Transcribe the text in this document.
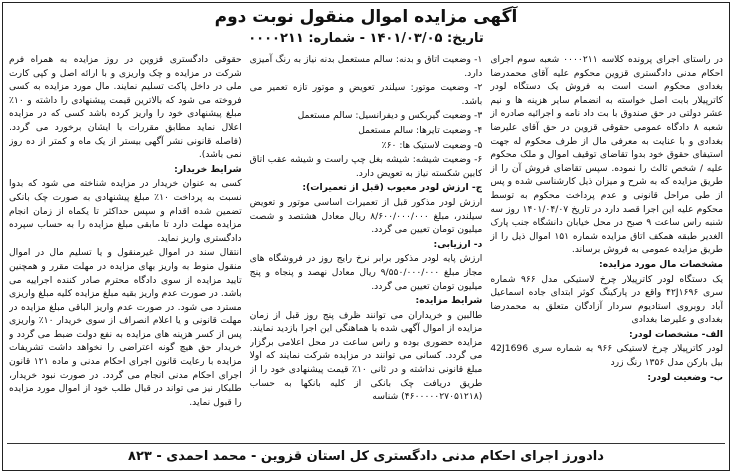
آگهی مزایده اموال منقول نوبت دوم
تاریخ: ۱۴۰۱/۰۳/۰۵ - شماره: ۰۰۰۰۲۱۱

در راستای اجرای پرونده کلاسه ۰۰۰۰۲۱۱ شعبه سوم اجرای احکام مدنی دادگستری قزوین محکوم علیه آقای محمدرضا بغدادی محکوم است است به فروش یک دستگاه لودر کاترپیلار بابت اصل خواسته به انضمام سایر هزینه ها و نیم عشر دولتی در حق صندوق با بت داد نامه و اجرائیه صادره از شعبه ۸ دادگاه عمومی حقوقی قزوین در حق آقای علیرضا بغدادی و با عنایت به معرفی مال از طرف محکوم له جهت استیفای حقوق خود بدوا تقاضای توقیف اموال و ملک محکوم علیه / شخص ثالث را نموده. سپس تقاضای فروش آن را از طریق مزایده که به شرح و میزان ذیل کارشناسی شده و پس از طی مراحل قانونی و عدم پرداخت محکوم به توسط محکوم علیه این اجرا قصد دارد در تاریخ ۱۴۰۱/۰۴/۰۷ روز سه شنبه راس ساعت ۹ صبح در محل خیابان دانشگاه جنب پارک الغدیر طبقه همکف اتاق مزایده شماره ۱۵۱ اموال ذیل را از طریق مزایده عمومی به فروش برساند.

مشخصات مال مورد مزایده:

یک دستگاه لودر کاترپیلار چرخ لاستیکی مدل ۹۶۶ شماره سری ۴۲J۱۶۹۶ واقع در پارکینگ کوثر ابتدای جاده اسماعیل آباد روبروی استادیوم سردار آزادگان متعلق به محمدرضا بغدادی و علیرضا بغدادی

الف- مشخصات لودر:

لودر کاترپیلار چرخ لاستیکی ۹۶۶ به شماره سری 42J1696 بیل بارکن مدل ۱۳۵۶ رنگ زرد

ب- وضعیت لودر:

۱- وضعیت اتاق و بدنه: سالم مستعمل بدنه نیاز به رنگ آمیزی دارد.

۲- وضعیت موتور: سیلندر تعویض و موتور تازه تعمیر می باشد.

۳- وضعیت گیربکس و دیفرانسیل: سالم مستعمل

۴- وضعیت تایرها: سالم مستعمل

۵- وضعیت لاستیک ها: ۶۰٪

۶- وضعیت شیشه: شیشه بغل چپ راست و شیشه عقب اتاق کابین شکسته نیاز به تعویض دارد.

ج- ارزش لودر معیوب (قبل از تعمیرات):

ارزش لودر مذکور قبل از تعمیرات اساسی موتور و تعویض سیلندر، مبلغ ۸/۶۰۰/۰۰۰/۰۰۰ ریال معادل هشتصد و شصت میلیون تومان تعیین می گردد.

د- ارزیابی:

ارزش پایه لودر مذکور برابر نرخ رایج روز در فروشگاه های مجاز مبلغ ۹/۵۵۰/۰۰۰/۰۰۰ ریال معادل نهصد و پنجاه و پنج میلیون تومان تعیین می گردد.

شرایط مزایده:

طالبین و خریداران می توانند ظرف پنج روز قبل از زمان مزایده از اموال آگهی شده با هماهنگی این اجرا بازدید نمایند. مزایده حضوری بوده و راس ساعت در محل اعلامی برگزار می گردد. کسانی می توانند در مزایده شرکت نمایند که اولا مبلغ قانونی نداشته و در ثانی ۱۰٪ قیمت پیشنهادی خود را از طریق دریافت چک بانکی از کلیه بانکها به حساب (۴۶۰۰۰۰۰۲۷۰۵۱۲۱۸) شناسه

حقوقی دادگستری قزوین در روز مزایده به همراه فرم شرکت در مزایده و چک واریزی و با ارائه اصل و کپی کارت ملی در داخل پاکت تسلیم نمایند. مال مورد مزایده به کسی فروخته می شود که بالاترین قیمت پیشنهادی را داشته و ۱۰٪ مبلغ پیشنهادی خود را واریز کرده باشد کسی که در مزایده اعلال نماید مطابق مقررات با ایشان برخورد می گردد. (فاصله قانونی نشر آگهی بیستر از یک ماه و کمتر از ده روز نمی باشد).

شرایط خریدار:

کسی به عنوان خریدار در مزایده شناخته می شود که بدوا نسبت به پرداخت ۱۰٪ مبلغ پیشنهادی به صورت چک بانکی تضمین شده اقدام و سپس حداکثر تا یکماه از زمان انجام مزایده مهلت دارد تا مابقی مبلغ مزایده را به حساب سپرده دادگستری واریز نماید.

انتقال سند در اموال غیرمنقول و یا تسلیم مال در اموال منقول منوط به واریز بهای مزایده در مهلت مقرر و همچنین تایید مزایده از سوی دادگاه محترم صادر کننده اجراییه می باشد. در صورت عدم واریز بقیه مبلغ مزایده کلیه مبلغ واریزی مسترد می شود. در صورت عدم واریز الباقی مبلغ مزایده در مهلت قانونی و یا اعلام انصراف از سوی خریدار ۱۰٪ واریزی پس از کسر هزینه های مزایده به نفع دولت ضبط می گردد و خریدار حق هیچ گونه اعتراضی را نخواهد داشت تشریفات مزایده با رعایت قانون اجرای احکام مدنی و ماده ۱۲۱ قانون اجرای احکام مدنی انجام می گردد. در صورت نبود خریدار، طلبکار نیز می تواند در قبال طلب خود از اموال مورد مزایده را قبول نماید.

دادورز اجرای احکام مدنی دادگستری کل استان قزوین - محمد احمدی - ۸۲۳
